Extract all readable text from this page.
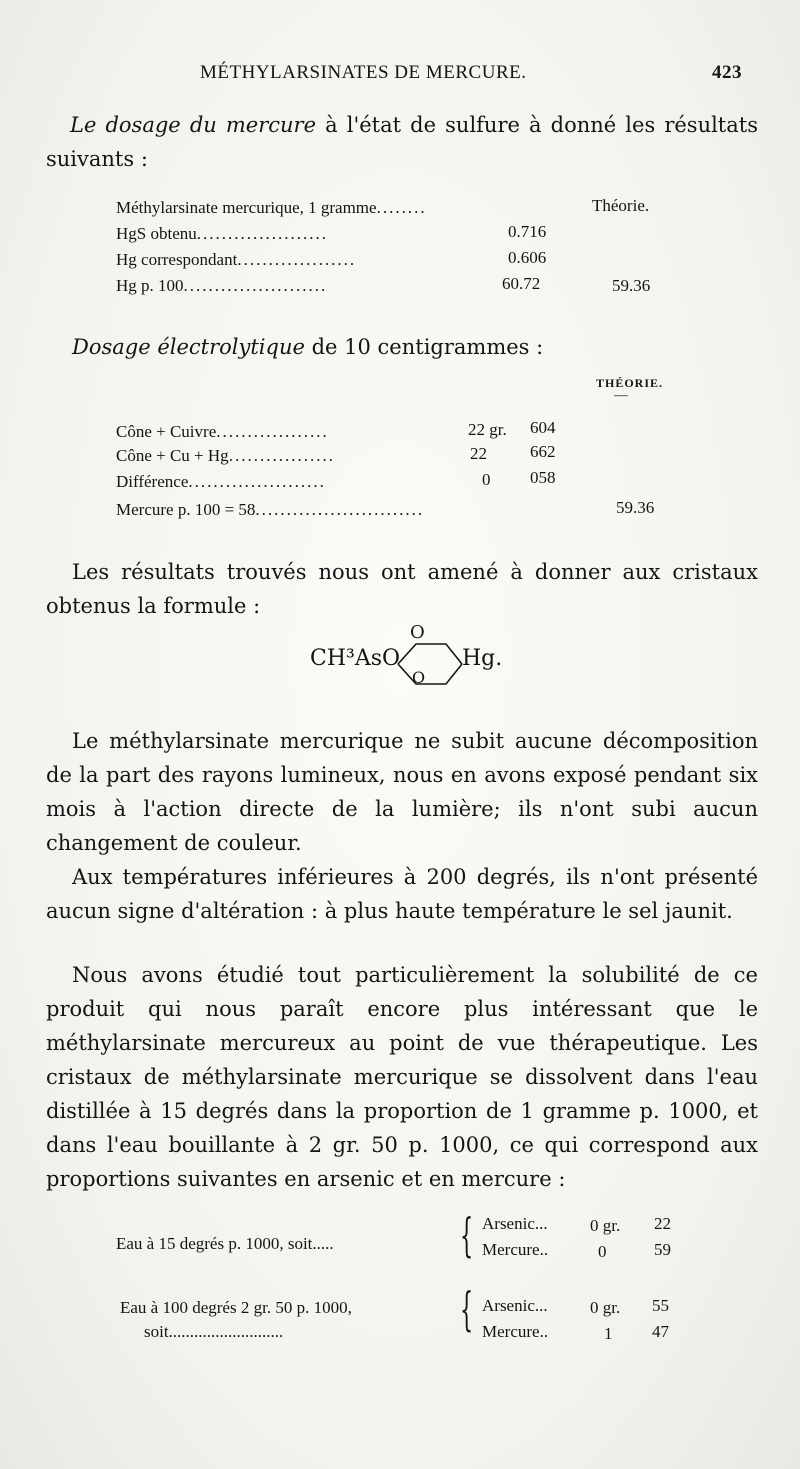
MÉTHYLARSINATES DE MERCURE.	423
Le dosage du mercure à l'état de sulfure à donné les résultats suivants :
Théorie.
Méthylarsinate mercurique, 1 gramme........
HgS obtenu.....................	0.716
Hg correspondant...................	0.606
Hg p. 100.......................	60.72	59.36
Dosage électrolytique de 10 centigrammes :
THÉORIE.
—
Cône + Cuivre..................	22 gr. 604
Cône + Cu + Hg.................	22	662
Différence......................	0 058
Mercure p. 100 = 58...........................	59.36
Les résultats trouvés nous ont amené à donner aux cristaux obtenus la formule :
CH³AsO
O
O
Hg.
Le méthylarsinate mercurique ne subit aucune décomposition de la part des rayons lumineux, nous en avons exposé pendant six mois à l'action directe de la lumière; ils n'ont subi aucun changement de couleur.
Aux températures inférieures à 200 degrés, ils n'ont présenté aucun signe d'altération : à plus haute température le sel jaunit.
Nous avons étudié tout particulièrement la solubilité de ce produit qui nous paraît encore plus intéressant que le méthylarsinate mercureux au point de vue thérapeutique. Les cristaux de méthylarsinate mercurique se dissolvent dans l'eau distillée à 15 degrés dans la proportion de 1 gramme p. 1000, et dans l'eau bouillante à 2 gr. 50 p. 1000, ce qui correspond aux proportions suivantes en arsenic et en mercure :
Eau à 15 degrés p. 1000, soit.....	{ Arsenic... 0 gr. 22
Mercure..	0	59
Eau à 100 degrés 2 gr. 50 p. 1000,
soit...........................	{ Arsenic... 0 gr. 55
Mercure..	1 47
